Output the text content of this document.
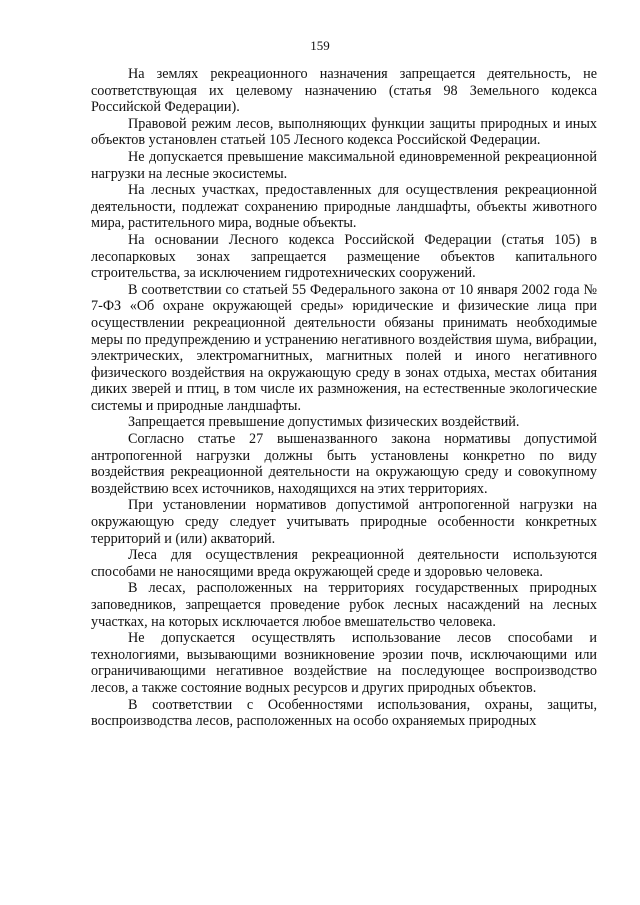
159

На землях рекреационного назначения запрещается деятельность, не соответствующая их целевому назначению (статья 98 Земельного кодекса Российской Федерации).

Правовой режим лесов, выполняющих функции защиты природных и иных объектов установлен статьей 105 Лесного кодекса Российской Федерации.

Не допускается превышение максимальной единовременной рекреационной нагрузки на лесные экосистемы.

На лесных участках, предоставленных для осуществления рекреационной деятельности, подлежат сохранению природные ландшафты, объекты животного мира, растительного мира, водные объекты.

На основании Лесного кодекса Российской Федерации (статья 105) в лесопарковых зонах запрещается размещение объектов капитального строительства, за исключением гидротехнических сооружений.

В соответствии со статьей 55 Федерального закона от 10 января 2002 года № 7-ФЗ «Об охране окружающей среды» юридические и физические лица при осуществлении рекреационной деятельности обязаны принимать необходимые меры по предупреждению и устранению негативного воздействия шума, вибрации, электрических, электромагнитных, магнитных полей и иного негативного физического воздействия на окружающую среду в зонах отдыха, местах обитания диких зверей и птиц, в том числе их размножения, на естественные экологические системы и природные ландшафты.

Запрещается превышение допустимых физических воздействий.

Согласно статье 27 вышеназванного закона нормативы допустимой антропогенной нагрузки должны быть установлены конкретно по виду воздействия рекреационной деятельности на окружающую среду и совокупному воздействию всех источников, находящихся на этих территориях.

При установлении нормативов допустимой антропогенной нагрузки на окружающую среду следует учитывать природные особенности конкретных территорий и (или) акваторий.

Леса для осуществления рекреационной деятельности используются способами не наносящими вреда окружающей среде и здоровью человека.

В лесах, расположенных на территориях государственных природных заповедников, запрещается проведение рубок лесных насаждений на лесных участках, на которых исключается любое вмешательство человека.

Не допускается осуществлять использование лесов способами и технологиями, вызывающими возникновение эрозии почв, исключающими или ограничивающими негативное воздействие на последующее воспроизводство лесов, а также состояние водных ресурсов и других природных объектов.

В соответствии с Особенностями использования, охраны, защиты, воспроизводства лесов, расположенных на особо охраняемых природных
